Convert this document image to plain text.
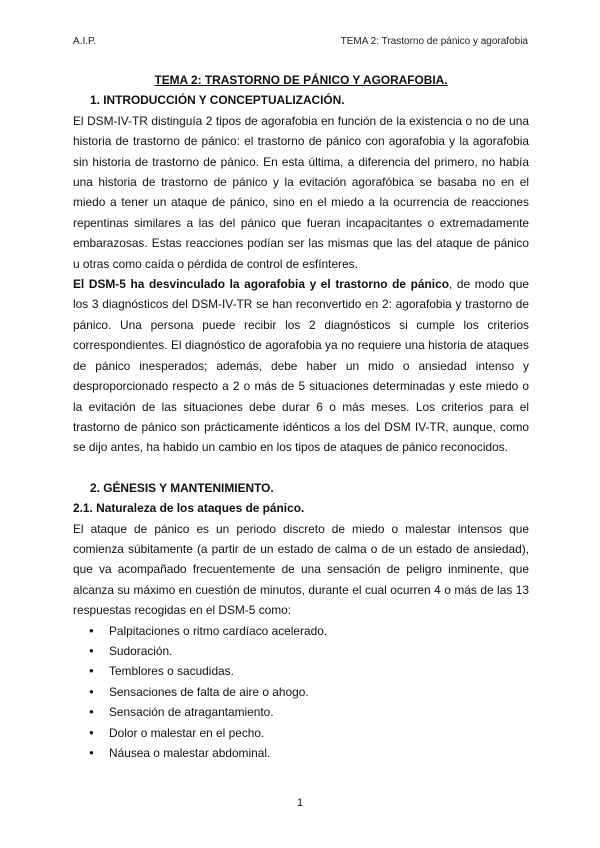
A.I.P.	TEMA 2: Trastorno de pánico y agorafobia
TEMA 2: TRASTORNO DE PÁNICO Y AGORAFOBIA.
1. INTRODUCCIÓN Y CONCEPTUALIZACIÓN.

El DSM-IV-TR distinguía 2 tipos de agorafobia en función de la existencia o no de una historia de trastorno de pánico: el trastorno de pánico con agorafobia y la agorafobia sin historia de trastorno de pánico. En esta última, a diferencia del primero, no había una historia de trastorno de pánico y la evitación agorafóbica se basaba no en el miedo a tener un ataque de pánico, sino en el miedo a la ocurrencia de reacciones repentinas similares a las del pánico que fueran incapacitantes o extremadamente embarazosas. Estas reacciones podían ser las mismas que las del ataque de pánico u otras como caída o pérdida de control de esfínteres.

El DSM-5 ha desvinculado la agorafobia y el trastorno de pánico, de modo que los 3 diagnósticos del DSM-IV-TR se han reconvertido en 2: agorafobia y trastorno de pánico. Una persona puede recibir los 2 diagnósticos si cumple los criterios correspondientes. El diagnóstico de agorafobia ya no requiere una historia de ataques de pánico inesperados; además, debe haber un mido o ansiedad intenso y desproporcionado respecto a 2 o más de 5 situaciones determinadas y este miedo o la evitación de las situaciones debe durar 6 o más meses. Los criterios para el trastorno de pánico son prácticamente idénticos a los del DSM IV-TR, aunque, como se dijo antes, ha habido un cambio en los tipos de ataques de pánico reconocidos.

2. GÉNESIS Y MANTENIMIENTO.
2.1. Naturaleza de los ataques de pánico.

El ataque de pánico es un periodo discreto de miedo o malestar intensos que comienza súbitamente (a partir de un estado de calma o de un estado de ansiedad), que va acompañado frecuentemente de una sensación de peligro inminente, que alcanza su máximo en cuestión de minutos, durante el cual ocurren 4 o más de las 13 respuestas recogidas en el DSM-5 como:

● Palpitaciones o ritmo cardíaco acelerado.
● Sudoración.
● Temblores o sacudidas.
● Sensaciones de falta de aire o ahogo.
● Sensación de atragantamiento.
● Dolor o malestar en el pecho.
● Náusea o malestar abdominal.
1
